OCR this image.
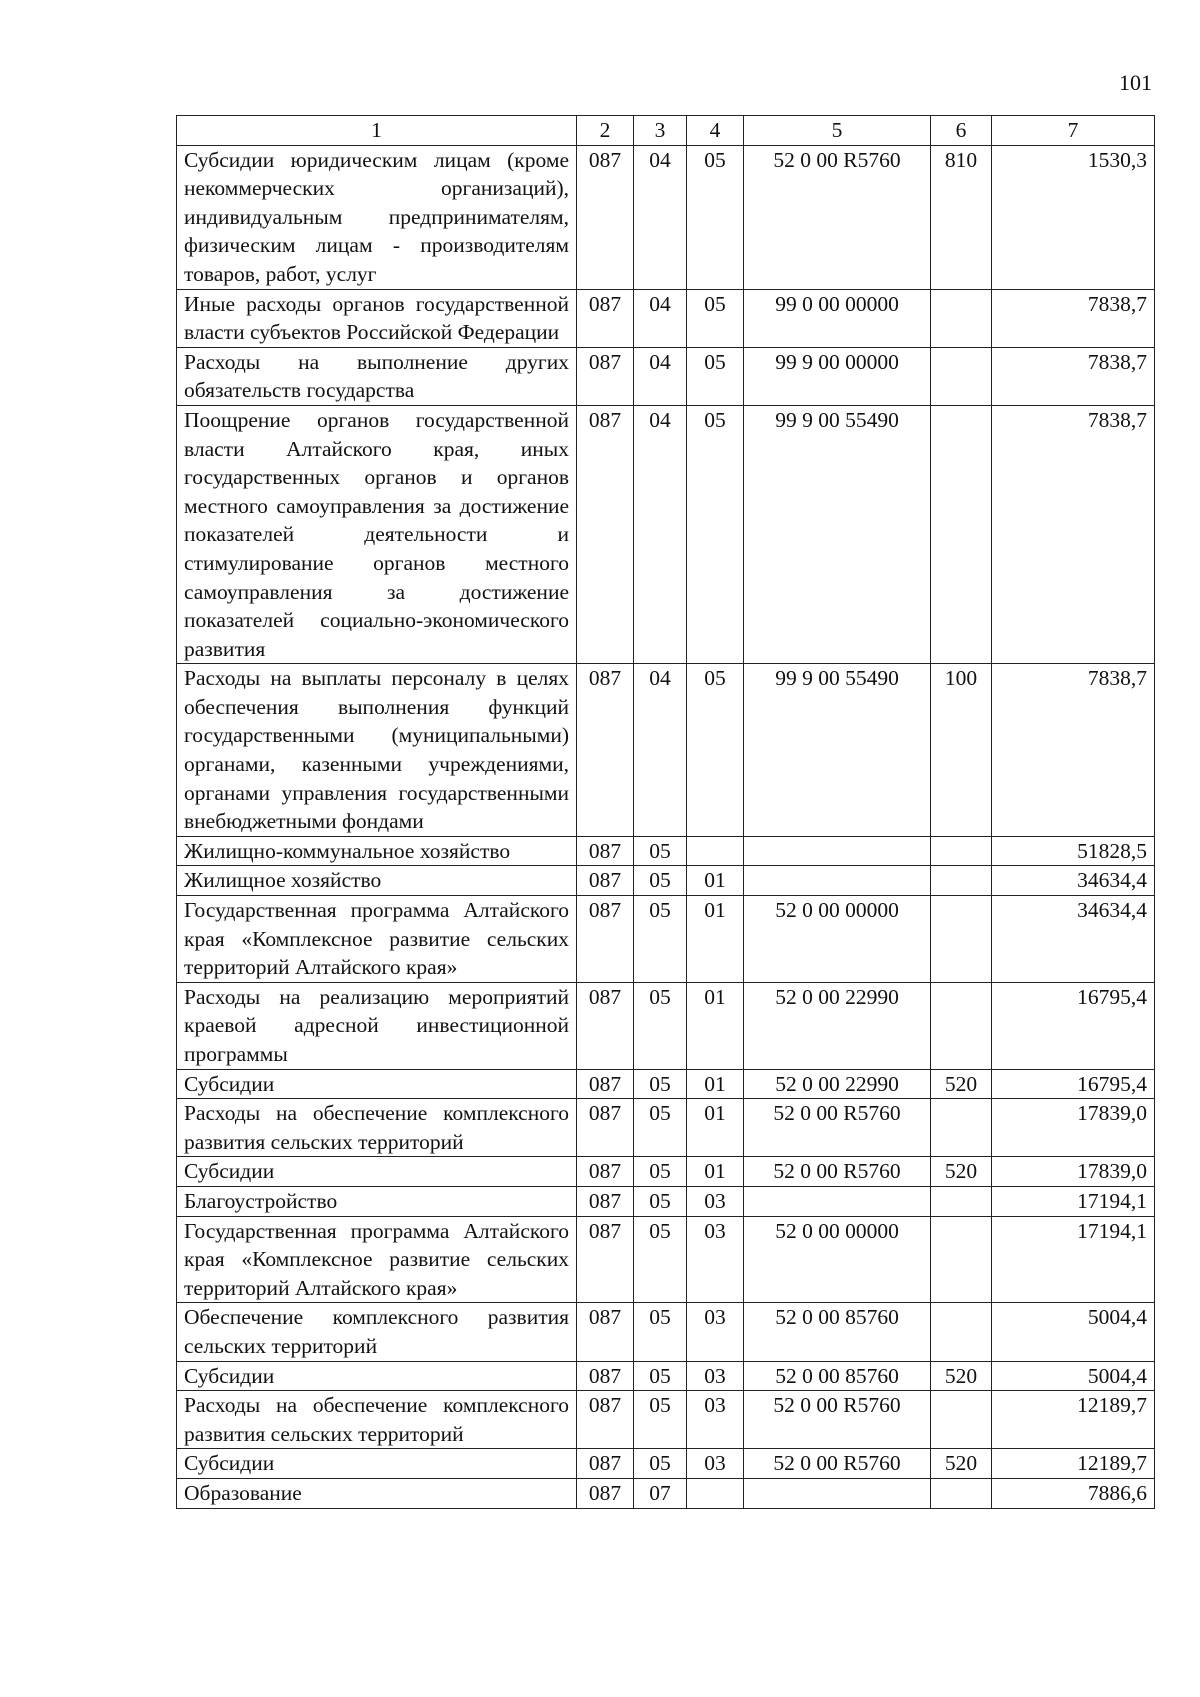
101
1	2	3	4	5	6	7
Субсидии юридическим лицам (кроме некоммерческих организаций), индивидуальным предпринимателям, физическим лицам - производителям товаров, работ, услуг	087	04	05	52 0 00 R5760	810	1530,3
Иные расходы органов государственной власти субъектов Российской Федерации	087	04	05	99 0 00 00000		7838,7
Расходы на выполнение других обязательств государства	087	04	05	99 9 00 00000		7838,7
Поощрение органов государственной власти Алтайского края, иных государственных органов и органов местного самоуправления за достижение показателей деятельности и стимулирование органов местного самоуправления за достижение показателей социально-экономического развития	087	04	05	99 9 00 55490		7838,7
Расходы на выплаты персоналу в целях обеспечения выполнения функций государственными (муниципальными) органами, казенными учреждениями, органами управления государственными внебюджетными фондами	087	04	05	99 9 00 55490	100	7838,7
Жилищно-коммунальное хозяйство	087	05				51828,5
Жилищное хозяйство	087	05	01			34634,4
Государственная программа Алтайского края «Комплексное развитие сельских территорий Алтайского края»	087	05	01	52 0 00 00000		34634,4
Расходы на реализацию мероприятий краевой адресной инвестиционной программы	087	05	01	52 0 00 22990		16795,4
Субсидии	087	05	01	52 0 00 22990	520	16795,4
Расходы на обеспечение комплексного развития сельских территорий	087	05	01	52 0 00 R5760		17839,0
Субсидии	087	05	01	52 0 00 R5760	520	17839,0
Благоустройство	087	05	03			17194,1
Государственная программа Алтайского края «Комплексное развитие сельских территорий Алтайского края»	087	05	03	52 0 00 00000		17194,1
Обеспечение комплексного развития сельских территорий	087	05	03	52 0 00 85760		5004,4
Субсидии	087	05	03	52 0 00 85760	520	5004,4
Расходы на обеспечение комплексного развития сельских территорий	087	05	03	52 0 00 R5760		12189,7
Субсидии	087	05	03	52 0 00 R5760	520	12189,7
Образование	087	07				7886,6
